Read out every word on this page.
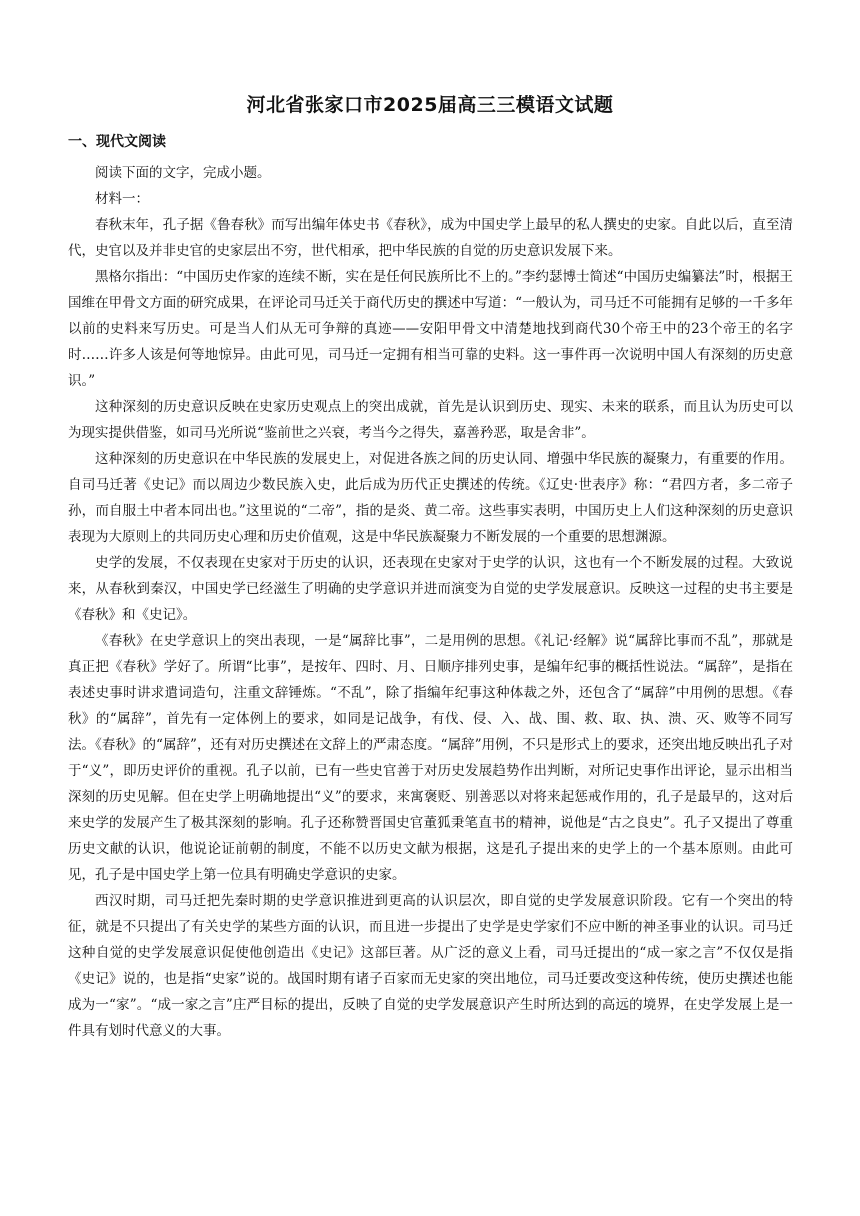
河北省张家口市2025届高三三模语文试题
一、现代文阅读

阅读下面的文字，完成小题。

材料一：

春秋末年，孔子据《鲁春秋》而写出编年体史书《春秋》，成为中国史学上最早的私人撰史的史家。自此以后，直至清代，史官以及并非史官的史家层出不穷，世代相承，把中华民族的自觉的历史意识发展下来。

黑格尔指出：“中国历史作家的连续不断，实在是任何民族所比不上的。”李约瑟博士简述“中国历史编纂法”时，根据王国维在甲骨文方面的研究成果，在评论司马迁关于商代历史的撰述中写道：“一般认为，司马迁不可能拥有足够的一千多年以前的史料来写历史。可是当人们从无可争辩的真迹——安阳甲骨文中清楚地找到商代30个帝王中的23个帝王的名字时……许多人该是何等地惊异。由此可见，司马迁一定拥有相当可靠的史料。这一事件再一次说明中国人有深刻的历史意识。”

这种深刻的历史意识反映在史家历史观点上的突出成就，首先是认识到历史、现实、未来的联系，而且认为历史可以为现实提供借鉴，如司马光所说“鉴前世之兴衰，考当今之得失，嘉善矜恶，取是舍非”。

这种深刻的历史意识在中华民族的发展史上，对促进各族之间的历史认同、增强中华民族的凝聚力，有重要的作用。自司马迁著《史记》而以周边少数民族入史，此后成为历代正史撰述的传统。《辽史·世表序》称：“君四方者，多二帝子孙，而自服土中者本同出也。”这里说的“二帝”，指的是炎、黄二帝。这些事实表明，中国历史上人们这种深刻的历史意识表现为大原则上的共同历史心理和历史价值观，这是中华民族凝聚力不断发展的一个重要的思想渊源。

史学的发展，不仅表现在史家对于历史的认识，还表现在史家对于史学的认识，这也有一个不断发展的过程。大致说来，从春秋到秦汉，中国史学已经滋生了明确的史学意识并进而演变为自觉的史学发展意识。反映这一过程的史书主要是《春秋》和《史记》。

《春秋》在史学意识上的突出表现，一是“属辞比事”，二是用例的思想。《礼记·经解》说“属辞比事而不乱”，那就是真正把《春秋》学好了。所谓“比事”，是按年、四时、月、日顺序排列史事，是编年纪事的概括性说法。“属辞”，是指在表述史事时讲求遣词造句，注重文辞锤炼。“不乱”，除了指编年纪事这种体裁之外，还包含了“属辞”中用例的思想。《春秋》的“属辞”，首先有一定体例上的要求，如同是记战争，有伐、侵、入、战、围、救、取、执、溃、灭、败等不同写法。《春秋》的“属辞”，还有对历史撰述在文辞上的严肃态度。“属辞”用例，不只是形式上的要求，还突出地反映出孔子对于“义”，即历史评价的重视。孔子以前，已有一些史官善于对历史发展趋势作出判断，对所记史事作出评论，显示出相当深刻的历史见解。但在史学上明确地提出“义”的要求，来寓褒贬、别善恶以对将来起惩戒作用的，孔子是最早的，这对后来史学的发展产生了极其深刻的影响。孔子还称赞晋国史官董狐秉笔直书的精神，说他是“古之良史”。孔子又提出了尊重历史文献的认识，他说论证前朝的制度，不能不以历史文献为根据，这是孔子提出来的史学上的一个基本原则。由此可见，孔子是中国史学上第一位具有明确史学意识的史家。

西汉时期，司马迁把先秦时期的史学意识推进到更高的认识层次，即自觉的史学发展意识阶段。它有一个突出的特征，就是不只提出了有关史学的某些方面的认识，而且进一步提出了史学是史学家们不应中断的神圣事业的认识。司马迁这种自觉的史学发展意识促使他创造出《史记》这部巨著。从广泛的意义上看，司马迁提出的“成一家之言”不仅仅是指《史记》说的，也是指“史家”说的。战国时期有诸子百家而无史家的突出地位，司马迁要改变这种传统，使历史撰述也能成为一“家”。“成一家之言”庄严目标的提出，反映了自觉的史学发展意识产生时所达到的高远的境界，在史学发展上是一件具有划时代意义的大事。
